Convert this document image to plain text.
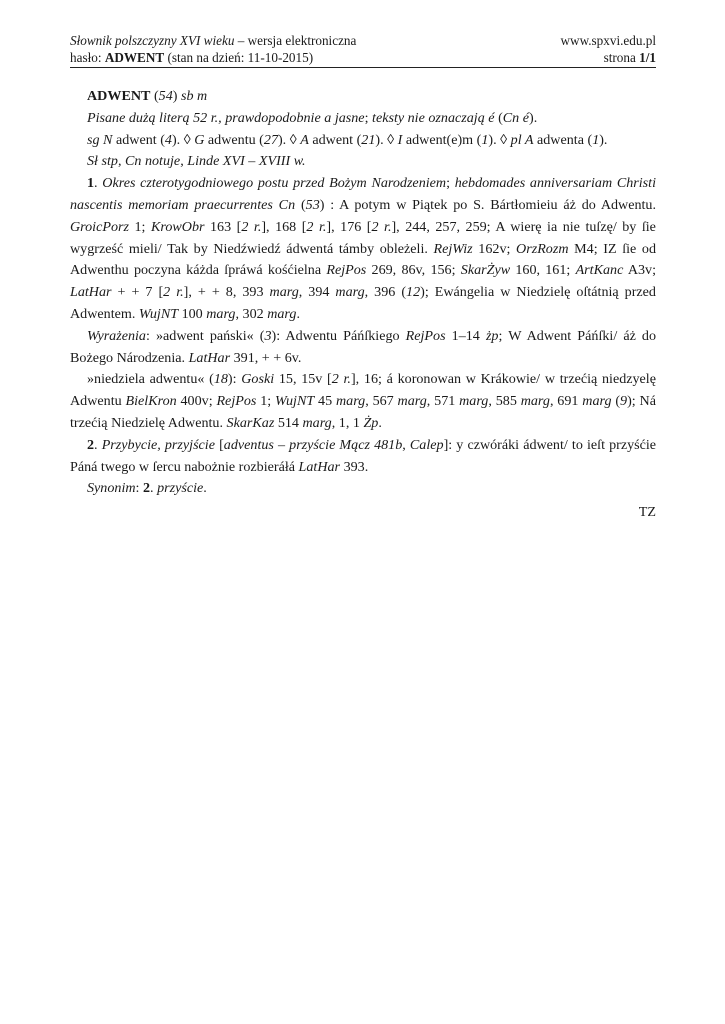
Słownik polszczyzny XVI wieku – wersja elektroniczna	www.spxvi.edu.pl
hasło: ADWENT (stan na dzień: 11-10-2015)	strona 1/1

ADWENT (54) sb m

Pisane dużą literą 52 r., prawdopodobnie a jasne; teksty nie oznaczają é (Cn é).

sg N adwent (4). ◊ G adwentu (27). ◊ A adwent (21). ◊ I adwent(e)m (1). ◊ pl A adwenta (1).

Sł stp, Cn notuje, Linde XVI – XVIII w.

1. Okres czterotygodniowego postu przed Bożym Narodzeniem; hebdomades anniversariam Christi nascentis memoriam praecurrentes Cn (53) : A potym w Piątek po S. Bártłomieiu áż do Adwentu. GroicPorz 1; KrowObr 163 [2 r.], 168 [2 r.], 176 [2 r.], 244, 257, 259; A wierę ia nie tuſzę/ by ſie wygrześć mieli/ Tak by Niedźwiedź ádwentá támby obleżeli. RejWiz 162v; OrzRozm M4; IZ ſie od Adwenthu poczyna káżda ſpráwá kośćielna RejPos 269, 86v, 156; SkarŻyw 160, 161; ArtKanc A3v; LatHar + + 7 [2 r.], + + 8, 393 marg, 394 marg, 396 (12); Ewángelia w Niedzielę oſtátnią przed Adwentem. WujNT 100 marg, 302 marg.

Wyrażenia: »adwent pański« (3): Adwentu Páńſkiego RejPos 1–14 żp; W Adwent Páńſki/ áż do Bożego Národzenia. LatHar 391, + + 6v.

»niedziela adwentu« (18): Goski 15, 15v [2 r.], 16; á koronowan w Krákowie/ w trzećią niedzyelę Adwentu BielKron 400v; RejPos 1; WujNT 45 marg, 567 marg, 571 marg, 585 marg, 691 marg (9); Ná trzećią Niedzielę Adwentu. SkarKaz 514 marg, 1, 1 Żp.

2. Przybycie, przyjście [adventus – przyście Mącz 481b, Calep]: y czwóráki ádwent/ to ieſt przyśćie Páná twego w ſercu nabożnie rozbieráłá LatHar 393.

Synonim: 2. przyście.

TZ
